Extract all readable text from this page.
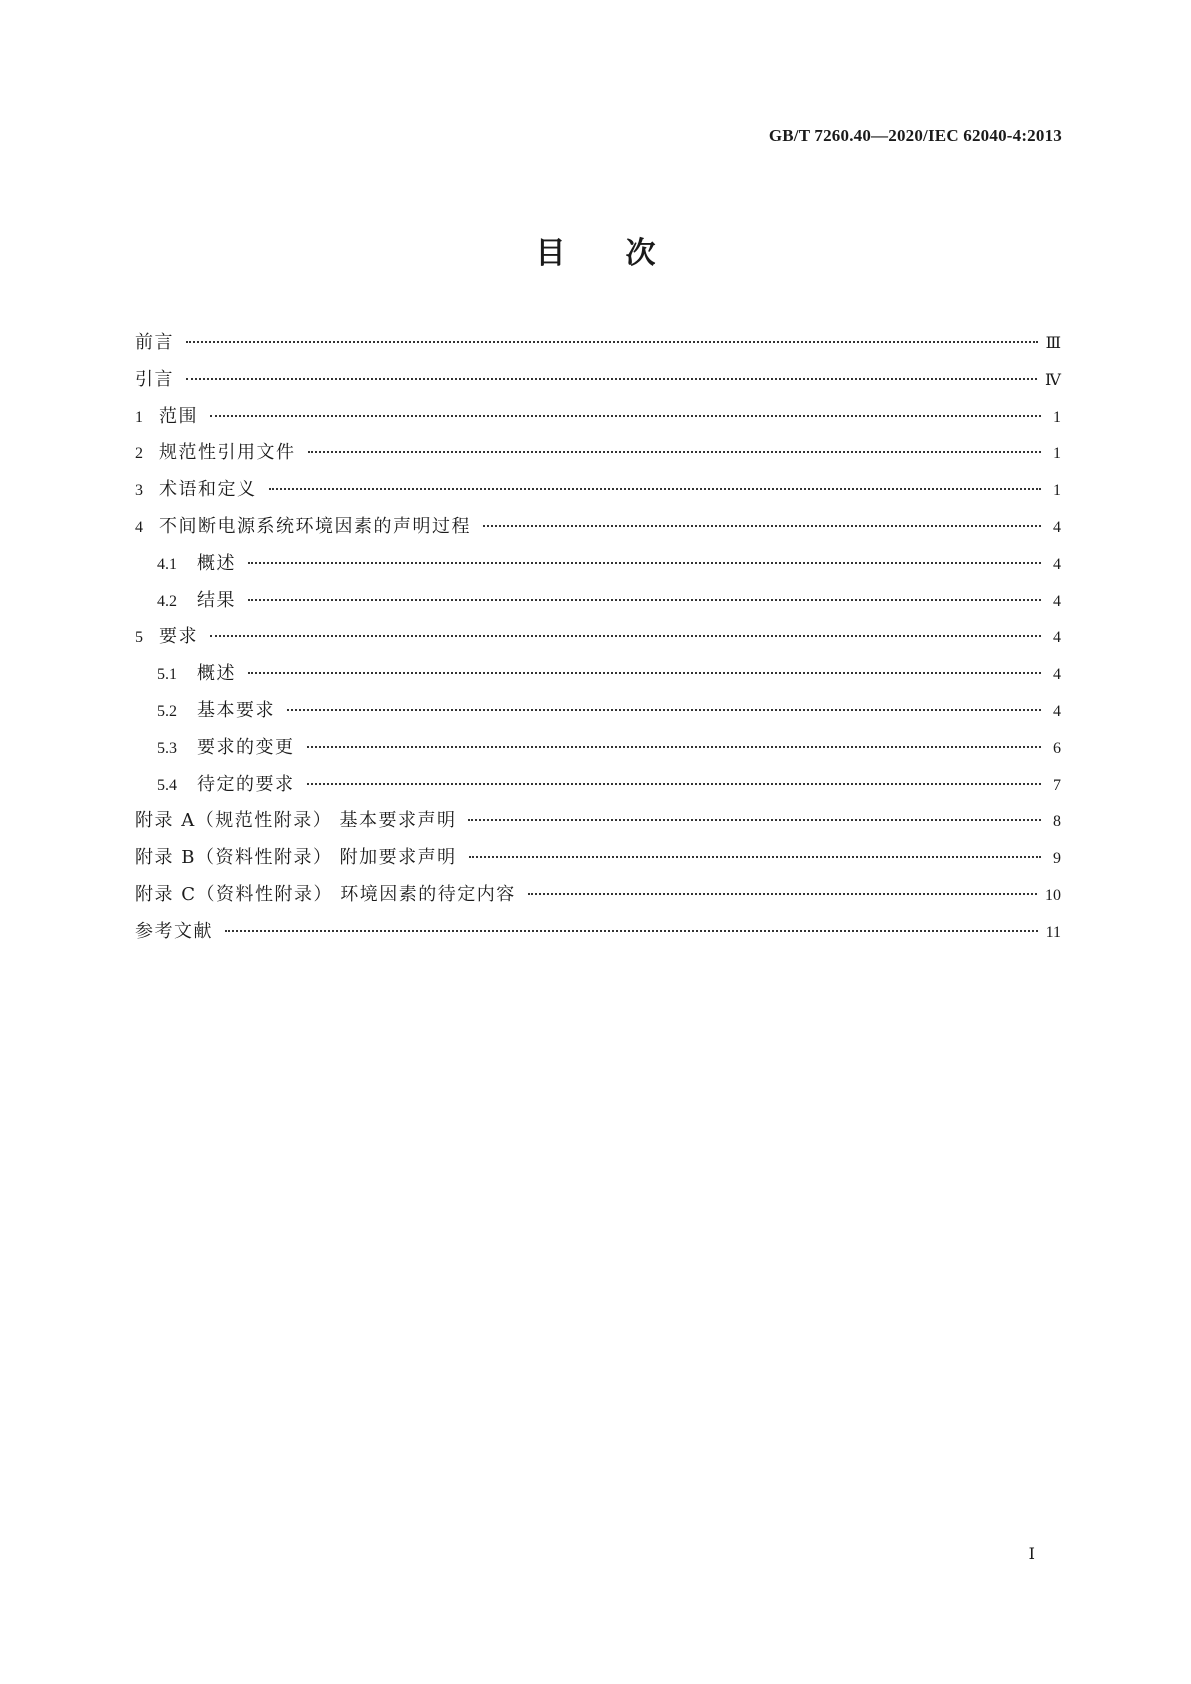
GB/T 7260.40—2020/IEC 62040-4:2013
目次
前言	Ⅲ
引言	Ⅳ
1 范围	1
2 规范性引用文件	1
3 术语和定义	1
4 不间断电源系统环境因素的声明过程	4
4.1 概述	4
4.2 结果	4
5 要求	4
5.1 概述	4
5.2 基本要求	4
5.3 要求的变更	6
5.4 待定的要求	7
附录 A（规范性附录） 基本要求声明	8
附录 B（资料性附录） 附加要求声明	9
附录 C（资料性附录） 环境因素的待定内容	10
参考文献	11
Ⅰ
